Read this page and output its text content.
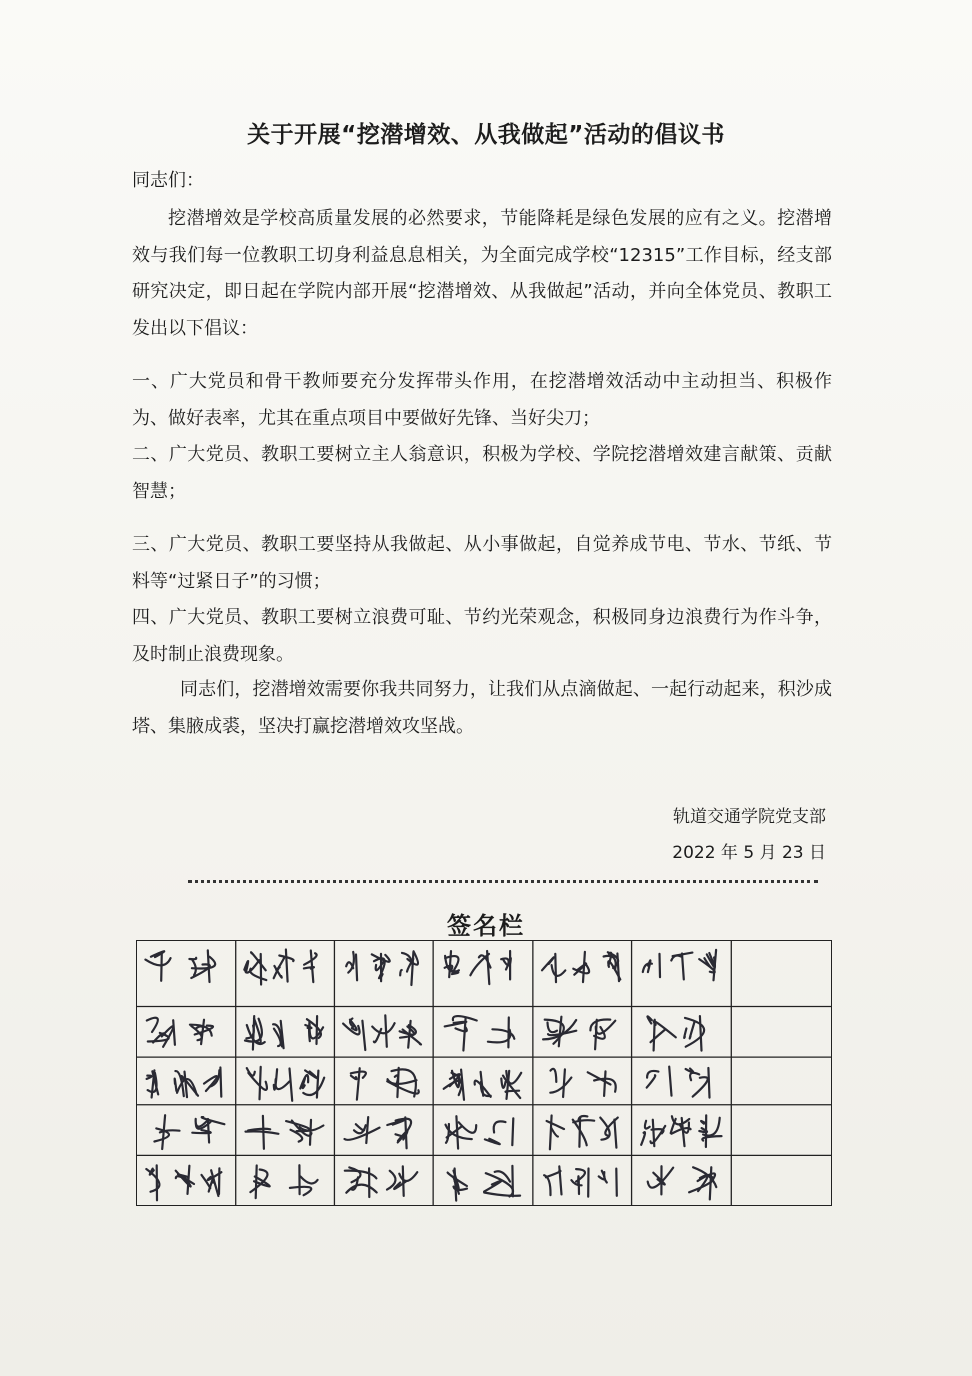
关于开展“挖潜增效、从我做起”活动的倡议书
同志们：
挖潜增效是学校高质量发展的必然要求，节能降耗是绿色发展的应有之义。挖潜增效与我们每一位教职工切身利益息息相关，为全面完成学校“12315”工作目标，经支部研究决定，即日起在学院内部开展“挖潜增效、从我做起”活动，并向全体党员、教职工发出以下倡议：
一、广大党员和骨干教师要充分发挥带头作用，在挖潜增效活动中主动担当、积极作为、做好表率，尤其在重点项目中要做好先锋、当好尖刀；
二、广大党员、教职工要树立主人翁意识，积极为学校、学院挖潜增效建言献策、贡献智慧；
三、广大党员、教职工要坚持从我做起、从小事做起，自觉养成节电、节水、节纸、节料等“过紧日子”的习惯；
四、广大党员、教职工要树立浪费可耻、节约光荣观念，积极同身边浪费行为作斗争，及时制止浪费现象。
同志们，挖潜增效需要你我共同努力，让我们从点滴做起、一起行动起来，积沙成塔、集腋成裘，坚决打赢挖潜增效攻坚战。
轨道交通学院党支部
2022 年 5 月 23 日
签名栏
